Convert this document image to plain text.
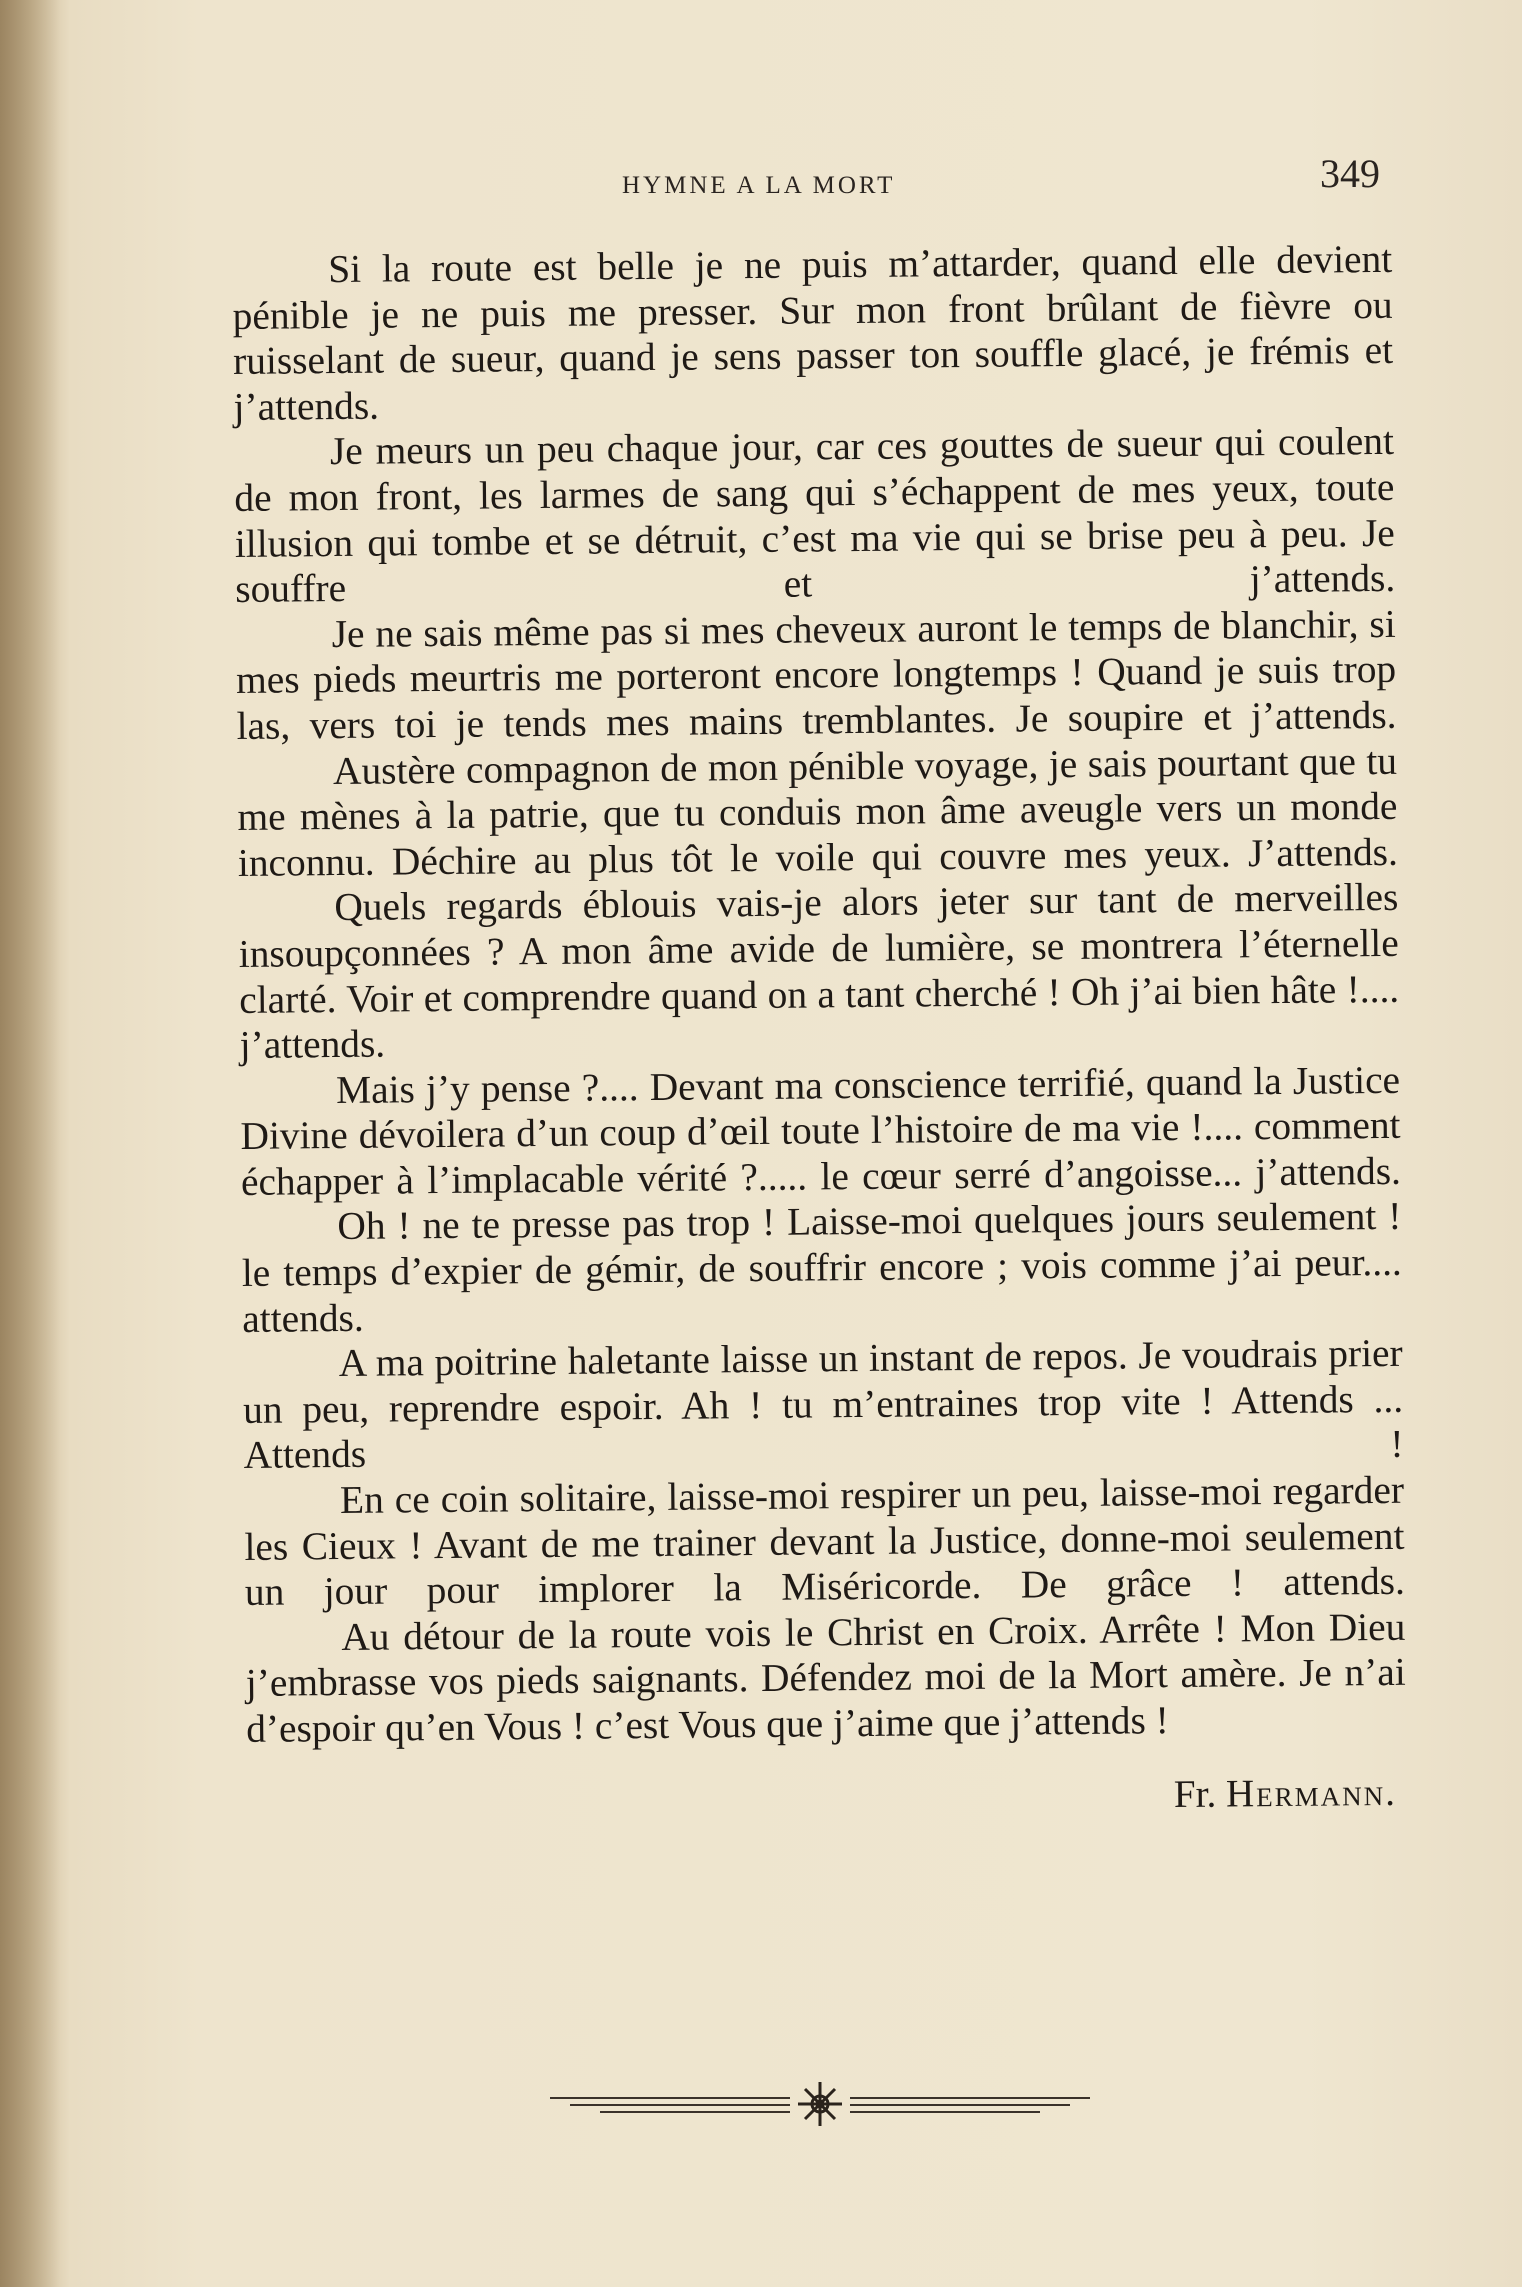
HYMNE A LA MORT	349

Si la route est belle je ne puis m’attarder, quand elle devient pénible je ne puis me presser. Sur mon front brûlant de fièvre ou ruisselant de sueur, quand je sens passer ton souffle glacé, je frémis et j’attends.

Je meurs un peu chaque jour, car ces gouttes de sueur qui coulent de mon front, les larmes de sang qui s’échappent de mes yeux, toute illusion qui tombe et se détruit, c’est ma vie qui se brise peu à peu. Je souffre et j’attends.

Je ne sais même pas si mes cheveux auront le temps de blanchir, si mes pieds meurtris me porteront encore longtemps ! Quand je suis trop las, vers toi je tends mes mains tremblantes. Je soupire et j’attends.

Austère compagnon de mon pénible voyage, je sais pourtant que tu me mènes à la patrie, que tu conduis mon âme aveugle vers un monde inconnu. Déchire au plus tôt le voile qui couvre mes yeux. J’attends.

Quels regards éblouis vais-je alors jeter sur tant de merveilles insoupçonnées ? A mon âme avide de lumière, se montrera l’éternelle clarté. Voir et comprendre quand on a tant cherché ! Oh j’ai bien hâte !.... j’attends.

Mais j’y pense ?.... Devant ma conscience terrifié, quand la Justice Divine dévoilera d’un coup d’œil toute l’histoire de ma vie !.... comment échapper à l’implacable vérité ?..... le cœur serré d’angoisse... j’attends.

Oh ! ne te presse pas trop ! Laisse-moi quelques jours seulement ! le temps d’expier de gémir, de souffrir encore ; vois comme j’ai peur.... attends.

A ma poitrine haletante laisse un instant de repos. Je voudrais prier un peu, reprendre espoir. Ah ! tu m’entraines trop vite ! Attends ... Attends !

En ce coin solitaire, laisse-moi respirer un peu, laisse-moi regarder les Cieux ! Avant de me trainer devant la Justice, donne-moi seulement un jour pour implorer la Miséricorde. De grâce ! attends.

Au détour de la route vois le Christ en Croix. Arrête ! Mon Dieu j’embrasse vos pieds saignants. Défendez moi de la Mort amère. Je n’ai d’espoir qu’en Vous ! c’est Vous que j’aime que j’attends !

Fr. Hermann.
